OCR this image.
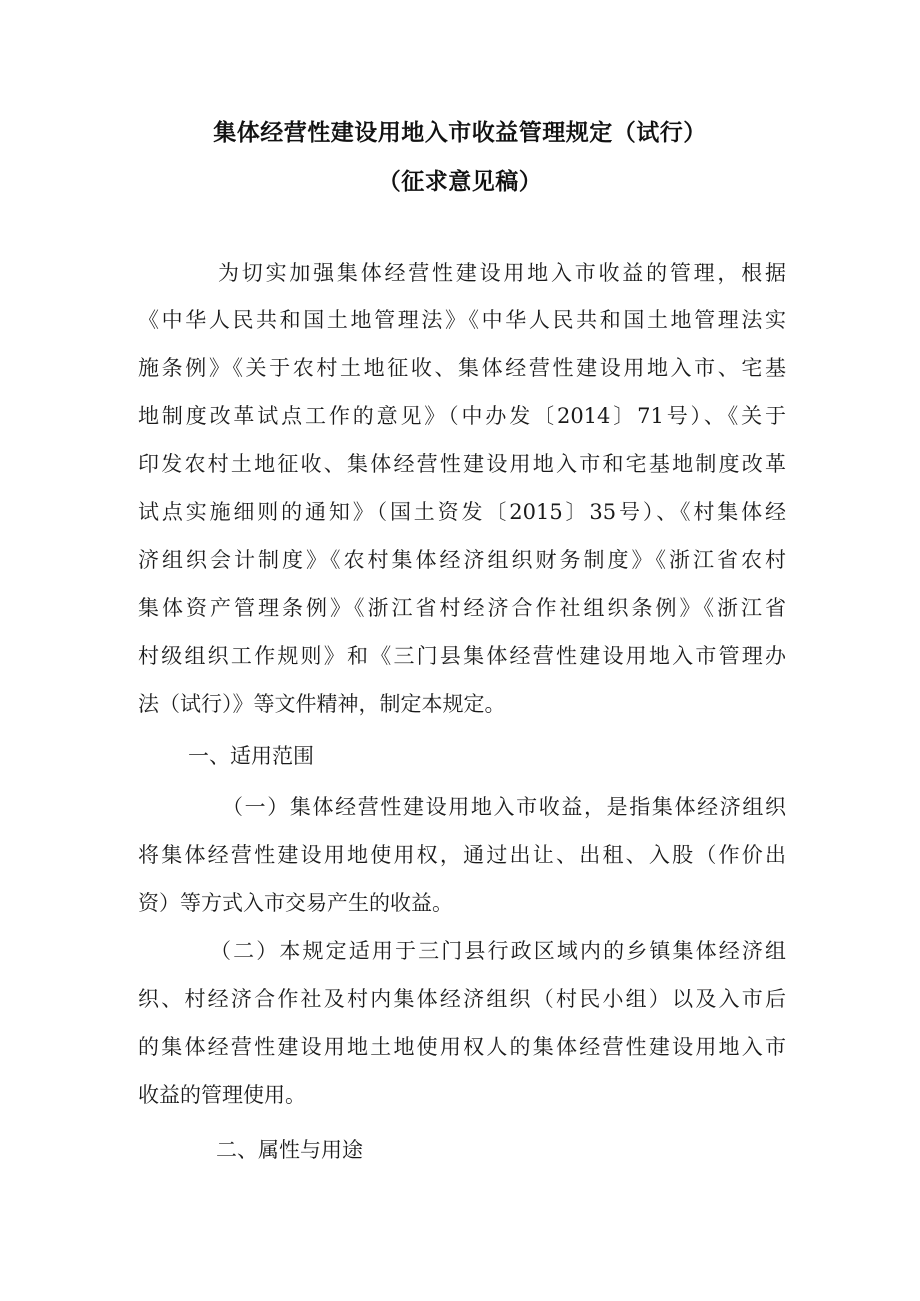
集体经营性建设用地入市收益管理规定（试行）
（征求意见稿）
为切实加强集体经营性建设用地入市收益的管理，根据
《中华人民共和国土地管理法》《中华人民共和国土地管理法实
施条例》《关于农村土地征收、集体经营性建设用地入市、宅基
地制度改革试点工作的意见》（中办发〔2014〕71号）、《关于
印发农村土地征收、集体经营性建设用地入市和宅基地制度改革
试点实施细则的通知》（国土资发〔2015〕35号）、《村集体经
济组织会计制度》《农村集体经济组织财务制度》《浙江省农村
集体资产管理条例》《浙江省村经济合作社组织条例》《浙江省
村级组织工作规则》和《三门县集体经营性建设用地入市管理办
法（试行）》等文件精神，制定本规定。
一、适用范围
（一）集体经营性建设用地入市收益，是指集体经济组织
将集体经营性建设用地使用权，通过出让、出租、入股（作价出
资）等方式入市交易产生的收益。
（二）本规定适用于三门县行政区域内的乡镇集体经济组
织、村经济合作社及村内集体经济组织（村民小组）以及入市后
的集体经营性建设用地土地使用权人的集体经营性建设用地入市
收益的管理使用。
二、属性与用途
